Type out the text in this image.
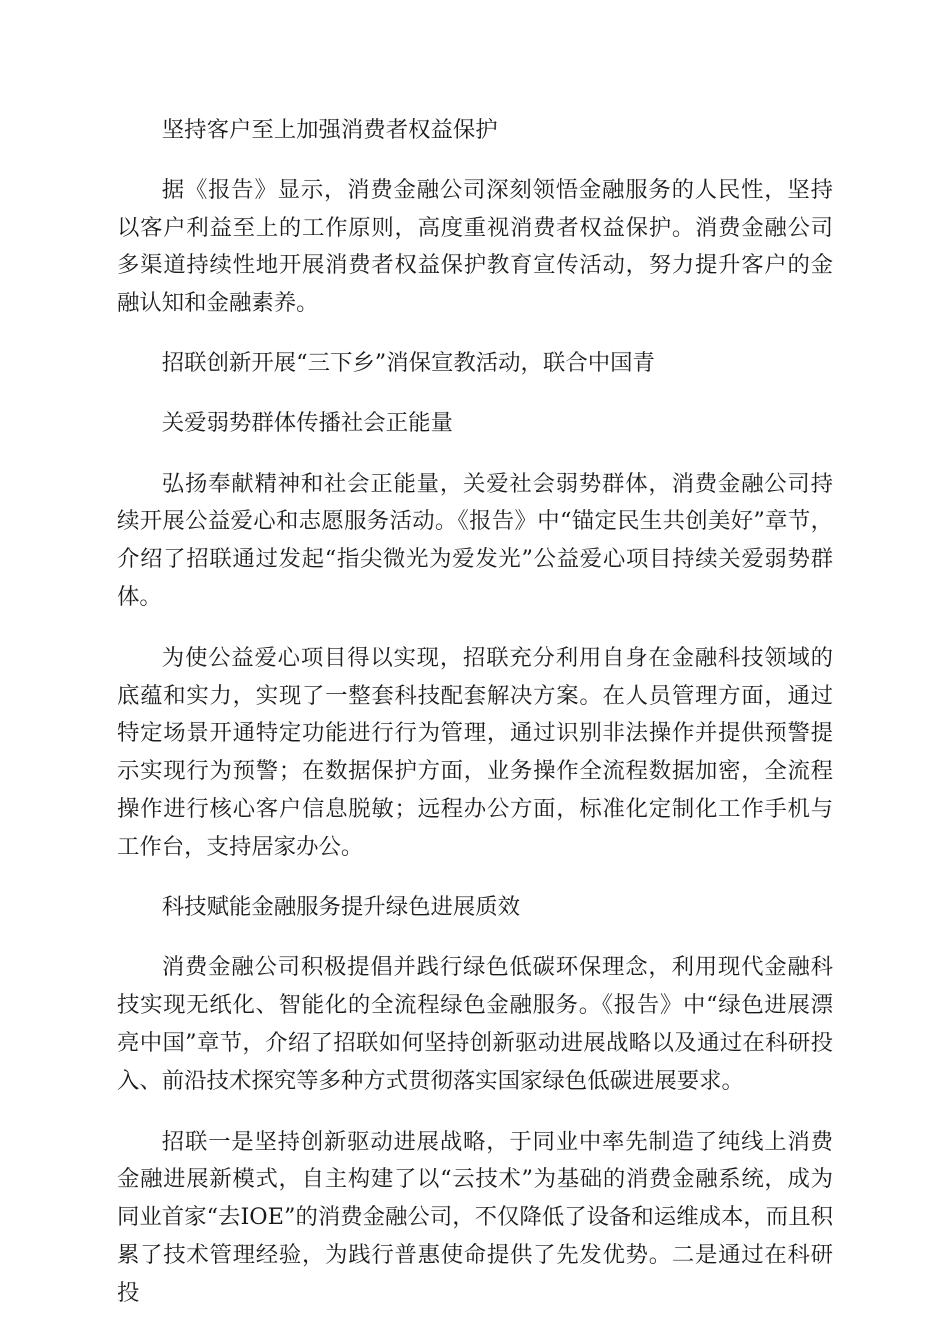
坚持客户至上加强消费者权益保护

据《报告》显示，消费金融公司深刻领悟金融服务的人民性，坚持以客户利益至上的工作原则，高度重视消费者权益保护。消费金融公司多渠道持续性地开展消费者权益保护教育宣传活动，努力提升客户的金融认知和金融素养。

招联创新开展“三下乡”消保宣教活动，联合中国青

关爱弱势群体传播社会正能量

弘扬奉献精神和社会正能量，关爱社会弱势群体，消费金融公司持续开展公益爱心和志愿服务活动。《报告》中“锚定民生共创美好”章节，介绍了招联通过发起“指尖微光为爱发光”公益爱心项目持续关爱弱势群体。

为使公益爱心项目得以实现，招联充分利用自身在金融科技领域的底蕴和实力，实现了一整套科技配套解决方案。在人员管理方面，通过特定场景开通特定功能进行行为管理，通过识别非法操作并提供预警提示实现行为预警；在数据保护方面，业务操作全流程数据加密，全流程操作进行核心客户信息脱敏；远程办公方面，标准化定制化工作手机与工作台，支持居家办公。

科技赋能金融服务提升绿色进展质效

消费金融公司积极提倡并践行绿色低碳环保理念，利用现代金融科技实现无纸化、智能化的全流程绿色金融服务。《报告》中“绿色进展漂亮中国”章节，介绍了招联如何坚持创新驱动进展战略以及通过在科研投入、前沿技术探究等多种方式贯彻落实国家绿色低碳进展要求。

招联一是坚持创新驱动进展战略，于同业中率先制造了纯线上消费金融进展新模式，自主构建了以“云技术”为基础的消费金融系统，成为同业首家“去IOE”的消费金融公司，不仅降低了设备和运维成本，而且积累了技术管理经验，为践行普惠使命提供了先发优势。二是通过在科研投
